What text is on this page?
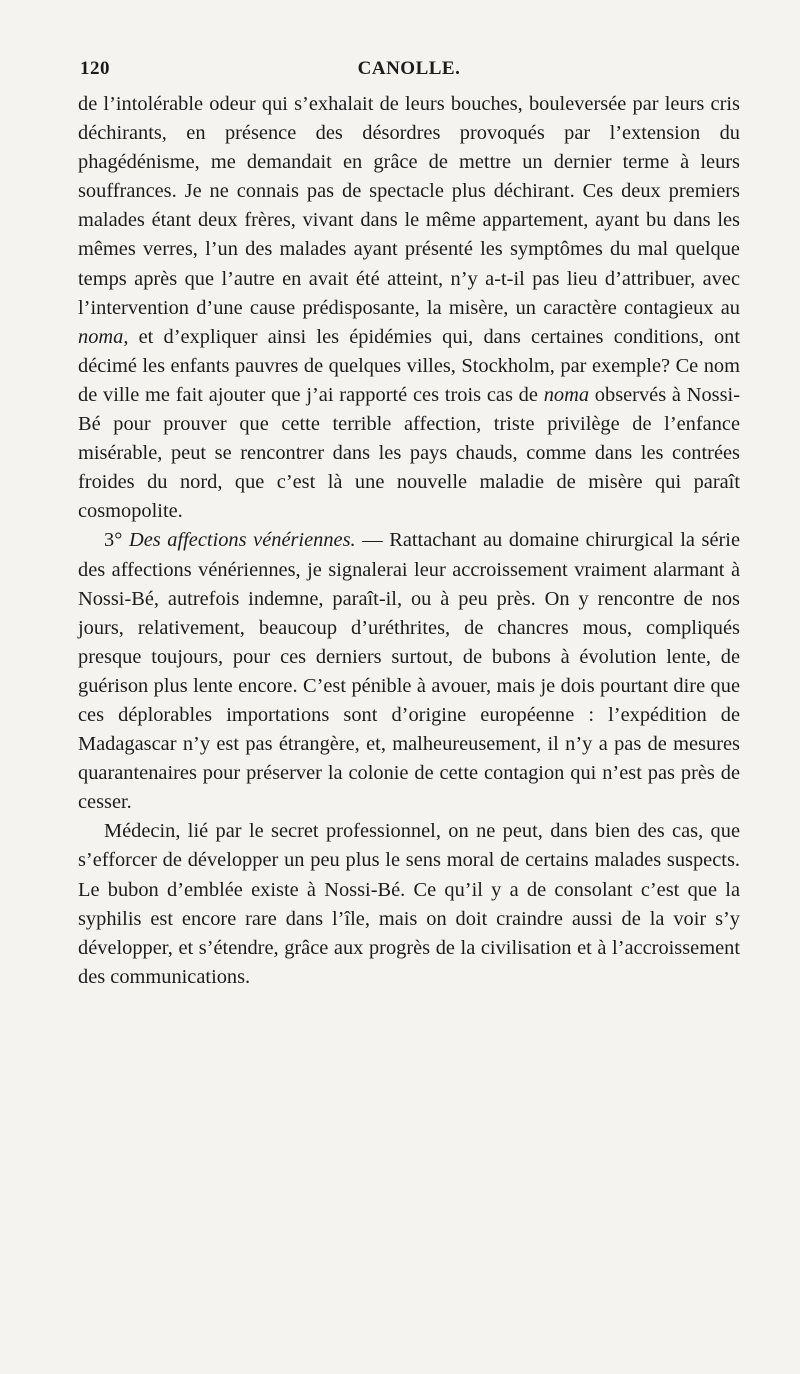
120	CANOLLE.

de l’intolérable odeur qui s’exhalait de leurs bouches, bouleversée par leurs cris déchirants, en présence des désordres provoqués par l’extension du phagédénisme, me demandait en grâce de mettre un dernier terme à leurs souffrances. Je ne connais pas de spectacle plus déchirant. Ces deux premiers malades étant deux frères, vivant dans le même appartement, ayant bu dans les mêmes verres, l’un des malades ayant présenté les symptômes du mal quelque temps après que l’autre en avait été atteint, n’y a-t-il pas lieu d’attribuer, avec l’intervention d’une cause prédisposante, la misère, un caractère contagieux au noma, et d’expliquer ainsi les épidémies qui, dans certaines conditions, ont décimé les enfants pauvres de quelques villes, Stockholm, par exemple? Ce nom de ville me fait ajouter que j’ai rapporté ces trois cas de noma observés à Nossi-Bé pour prouver que cette terrible affection, triste privilège de l’enfance misérable, peut se rencontrer dans les pays chauds, comme dans les contrées froides du nord, que c’est là une nouvelle maladie de misère qui paraît cosmopolite.

3° Des affections vénériennes. — Rattachant au domaine chirurgical la série des affections vénériennes, je signalerai leur accroissement vraiment alarmant à Nossi-Bé, autrefois indemne, paraît-il, ou à peu près. On y rencontre de nos jours, relativement, beaucoup d’uréthrites, de chancres mous, compliqués presque toujours, pour ces derniers surtout, de bubons à évolution lente, de guérison plus lente encore. C’est pénible à avouer, mais je dois pourtant dire que ces déplorables importations sont d’origine européenne : l’expédition de Madagascar n’y est pas étrangère, et, malheureusement, il n’y a pas de mesures quarantenaires pour préserver la colonie de cette contagion qui n’est pas près de cesser.

Médecin, lié par le secret professionnel, on ne peut, dans bien des cas, que s’efforcer de développer un peu plus le sens moral de certains malades suspects. Le bubon d’emblée existe à Nossi-Bé. Ce qu’il y a de consolant c’est que la syphilis est encore rare dans l’île, mais on doit craindre aussi de la voir s’y développer, et s’étendre, grâce aux progrès de la civilisation et à l’accroissement des communications.
